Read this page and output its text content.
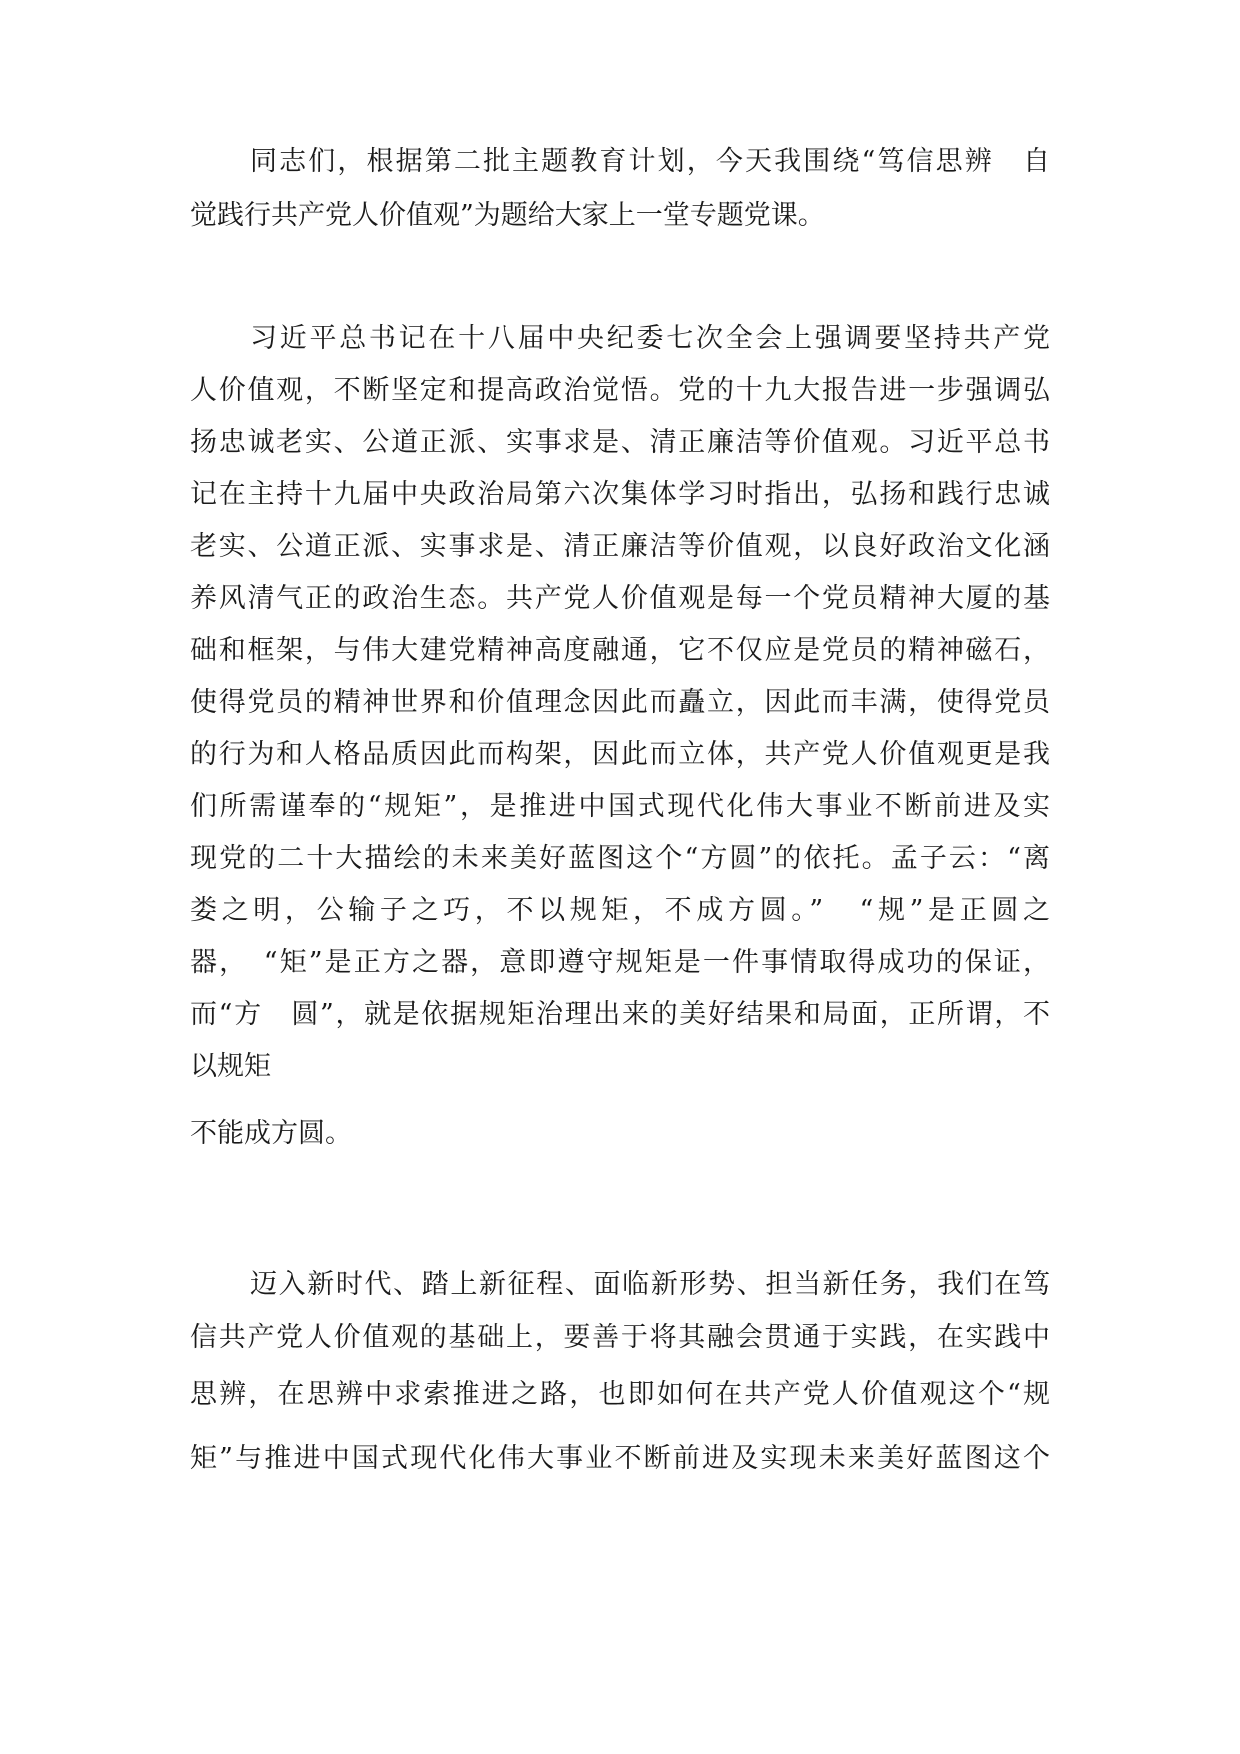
同志们，根据第二批主题教育计划，今天我围绕“笃信思辨　自
觉践行共产党人价值观”为题给大家上一堂专题党课。
习近平总书记在十八届中央纪委七次全会上强调要坚持共产党
人价值观，不断坚定和提高政治觉悟。党的十九大报告进一步强调弘
扬忠诚老实、公道正派、实事求是、清正廉洁等价值观。习近平总书
记在主持十九届中央政治局第六次集体学习时指出，弘扬和践行忠诚
老实、公道正派、实事求是、清正廉洁等价值观，以良好政治文化涵
养风清气正的政治生态。共产党人价值观是每一个党员精神大厦的基
础和框架，与伟大建党精神高度融通，它不仅应是党员的精神磁石，
使得党员的精神世界和价值理念因此而矗立，因此而丰满，使得党员
的行为和人格品质因此而构架，因此而立体，共产党人价值观更是我
们所需谨奉的“规矩”，是推进中国式现代化伟大事业不断前进及实
现党的二十大描绘的未来美好蓝图这个“方圆”的依托。孟子云：“离
娄之明，公输子之巧，不以规矩，不成方圆。”　“规”是正圆之
器，　“矩”是正方之器，意即遵守规矩是一件事情取得成功的保证，
而“方　圆”，就是依据规矩治理出来的美好结果和局面，正所谓，不
以规矩
不能成方圆。
迈入新时代、踏上新征程、面临新形势、担当新任务，我们在笃
信共产党人价值观的基础上，要善于将其融会贯通于实践，在实践中
思辨，在思辨中求索推进之路，也即如何在共产党人价值观这个“规
矩”与推进中国式现代化伟大事业不断前进及实现未来美好蓝图这个
